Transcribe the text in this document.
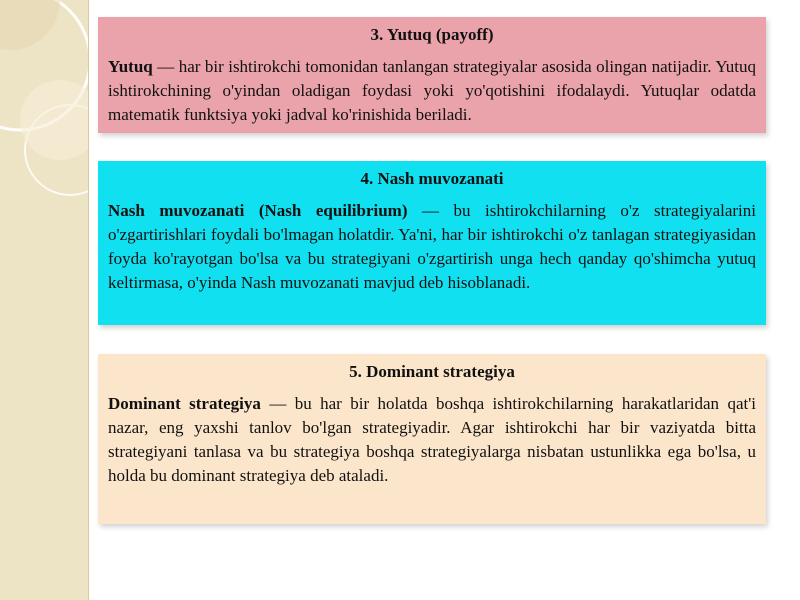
3. Yutuq (payoff)

Yutuq — har bir ishtirokchi tomonidan tanlangan strategiyalar asosida olingan natijadir. Yutuq ishtirokchining o'yindan oladigan foydasi yoki yo'qotishini ifodalaydi. Yutuqlar odatda matematik funktsiya yoki jadval ko'rinishida beriladi.

4. Nash muvozanati

Nash muvozanati (Nash equilibrium) — bu ishtirokchilarning o'z strategiyalarini o'zgartirishlari foydali bo'lmagan holatdir. Ya'ni, har bir ishtirokchi o'z tanlagan strategiyasidan foyda ko'rayotgan bo'lsa va bu strategiyani o'zgartirish unga hech qanday qo'shimcha yutuq keltirmasa, o'yinda Nash muvozanati mavjud deb hisoblanadi.

5. Dominant strategiya

Dominant strategiya — bu har bir holatda boshqa ishtirokchilarning harakatlaridan qat'i nazar, eng yaxshi tanlov bo'lgan strategiyadir. Agar ishtirokchi har bir vaziyatda bitta strategiyani tanlasa va bu strategiya boshqa strategiyalarga nisbatan ustunlikka ega bo'lsa, u holda bu dominant strategiya deb ataladi.
